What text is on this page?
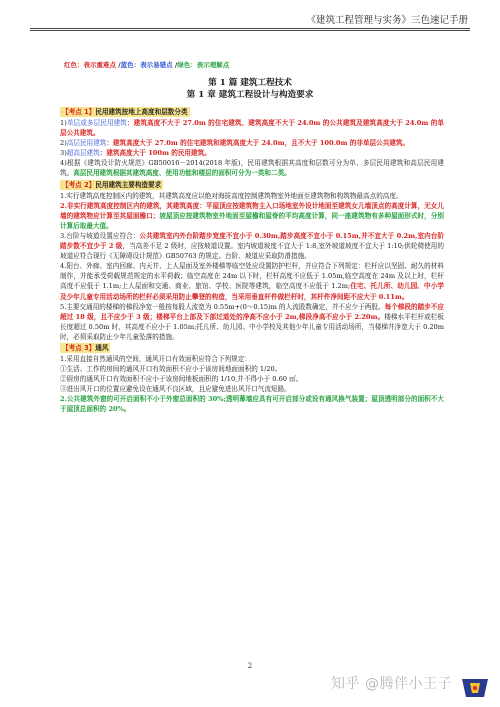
《建筑工程管理与实务》三色速记手册
红色：表示重难点 /蓝色：表示易错点 /绿色：表示理解点
第 1 篇 建筑工程技术
第 1 章 建筑工程设计与构造要求
【考点 1】民用建筑按地上高度和层数分类

1)单层或多层民用建筑：建筑高度不大于 27.0m 的住宅建筑、建筑高度不大于 24.0m 的公共建筑及建筑高度大于 24.0m 的单层公共建筑。

2)高层民用建筑：建筑高度大于 27.0m 的住宅建筑和建筑高度大于 24.0m，且不大于 100.0m 的非单层公共建筑。

3)超高层建筑：建筑高度大于 100m 的民用建筑。

4)根据《建筑设计防火规范》GB50016－2014(2018 年版)，民用建筑根据其高度和层数可分为单、多层民用建筑和高层民用建筑。高层民用建筑根据其建筑高度、使用功能和楼层的面积可分为一类和二类。

【考点 2】民用建筑主要构造要求

1.实行建筑高度控制区内的建筑，其建筑高度应以绝对海拔高度控制建筑物室外地面至建筑物和构筑物最高点的高度。

2.非实行建筑高度控制区内的建筑，其建筑高度：平屋顶应按建筑物主入口场地室外设计地面至建筑女儿墙顶点的高度计算，无女儿墙的建筑物应计算至其屋面檐口；坡屋顶应按建筑物室外地面至屋檐和屋脊的平均高度计算，同一座建筑物有多种屋面形式时，分别计算后取最大值。

3.台阶与坡道设置应符合：公共建筑室内外台阶踏步宽度不宜小于 0.30m,踏步高度不宜小于 0.15m,并不宜大于 0.2m,室内台阶踏步数不宜少于 2 级，当高差不足 2 级时，应按坡道设置。室内坡道坡度不宜大于 1:8,室外坡道坡度不宜大于 1:10;供轮椅使用的坡道应符合现行《无障碍设计规范》GB50763 的规定。台阶、坡道应采取防滑措施。

4.阳台、外廊、室内回廊、内天井、上人屋面及室外楼梯等临空处应设置防护栏杆，并应符合下列规定：栏杆应以坚固、耐久的材料制作，并能承受荷载规范规定的水平荷载；临空高度在 24m 以下时，栏杆高度不应低于 1.05m,临空高度在 24m 及以上时，栏杆高度不应低于 1.1m;上人屋面和交通、商业、旅馆、学校、医院等建筑，临空高度不应低于 1.2m;住宅、托儿所、幼儿园、中小学及少年儿童专用活动场所的栏杆必须采用防止攀登的构造，当采用垂直杆件做栏杆时，其杆件净间距不应大于 0.11m。

5.主要交通用的楼梯的梯段净宽一般按每股人流宽为 0.55m+(0～0.15)m 的人流股数确定，并不应少于两股。每个梯段的踏步不应超过 18 级，且不应少于 3 级；楼梯平台上部及下部过道处的净高不应小于 2m,梯段净高不应小于 2.20m。楼梯水平栏杆或栏板长度超过 0.50m 时，其高度不应小于 1.05m;托儿所、幼儿园、中小学校及其他少年儿童专用活动场所，当楼梯井净宽大于 0.20m 时，必须采取防止少年儿童坠落的措施。

【考点 3】通风

1.采用直接自然通风的空间，通风开口有效面积应符合下列规定：

①生活、工作的房间的通风开口有效面积不应小于该房间地面面积的 1/20。

②厨房的通风开口有效面积不应小于该房间地板面积的 1/10,并不得小于 0.60 ㎡。

③进出风开口的位置应避免设在通风不良区域，且应避免进出风开口气流短路。

2.公共建筑外窗的可开启面积不小于外窗总面积的 30%;透明幕墙应具有可开启部分或设有通风换气装置；屋顶透明部分的面积不大于屋顶总面积的 20%。

2
知乎 @腾伴小王子
